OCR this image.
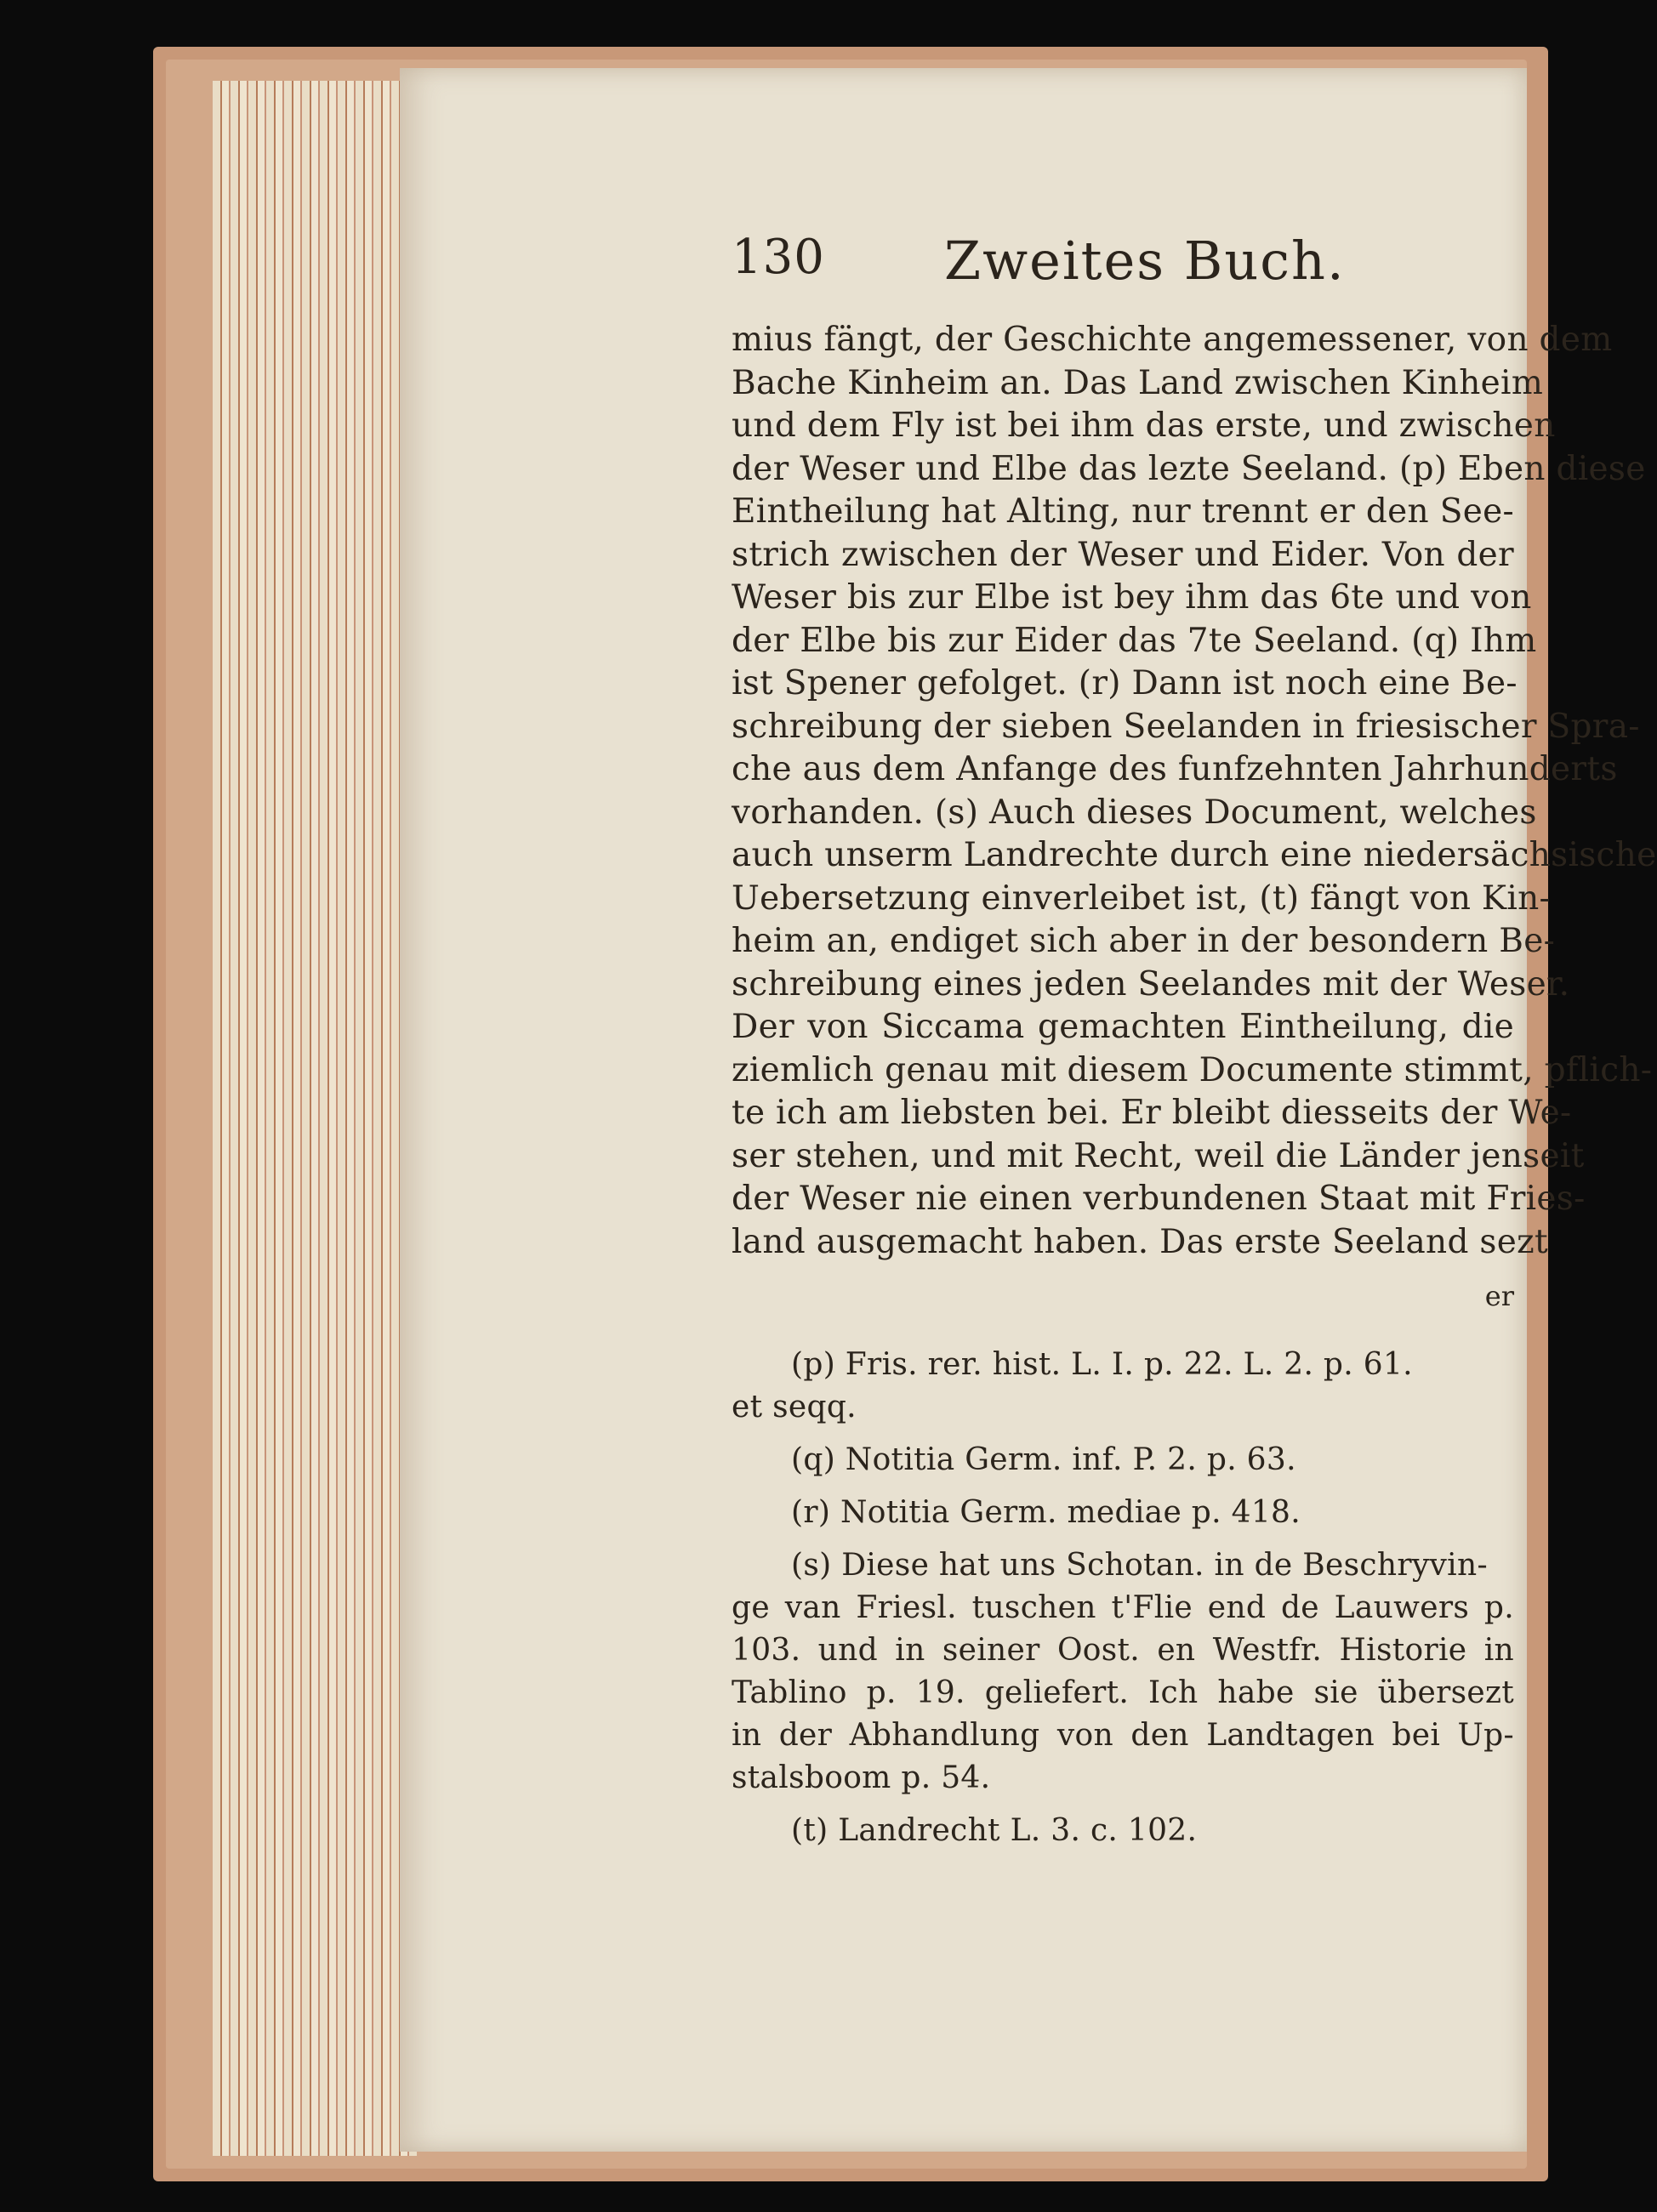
130 Zweites Buch.
mius fängt, der Geschichte angemessener, von dem
Bache Kinheim an. Das Land zwischen Kinheim
und dem Fly ist bei ihm das erste, und zwischen
der Weser und Elbe das lezte Seeland. (p) Eben diese
Eintheilung hat Alting, nur trennt er den See-
strich zwischen der Weser und Eider. Von der
Weser bis zur Elbe ist bey ihm das 6te und von
der Elbe bis zur Eider das 7te Seeland. (q) Ihm
ist Spener gefolget. (r) Dann ist noch eine Be-
schreibung der sieben Seelanden in friesischer Spra-
che aus dem Anfange des funfzehnten Jahrhunderts
vorhanden. (s) Auch dieses Document, welches
auch unserm Landrechte durch eine niedersächsische
Uebersetzung einverleibet ist, (t) fängt von Kin-
heim an, endiget sich aber in der besondern Be-
schreibung eines jeden Seelandes mit der Weser.
Der von Siccama gemachten Eintheilung, die
ziemlich genau mit diesem Documente stimmt, pflich-
te ich am liebsten bei. Er bleibt diesseits der We-
ser stehen, und mit Recht, weil die Länder jenseit
der Weser nie einen verbundenen Staat mit Fries-
land ausgemacht haben. Das erste Seeland sezt
er
(p) Fris. rer. hist. L. I. p. 22. L. 2. p. 61.
et seqq.
(q) Notitia Germ. inf. P. 2. p. 63.
(r) Notitia Germ. mediae p. 418.
(s) Diese hat uns Schotan. in de Beschryvin-
ge van Friesl. tuschen t'Flie end de Lauwers p.
103. und in seiner Oost. en Westfr. Historie in
Tablino p. 19. geliefert. Ich habe sie übersezt
in der Abhandlung von den Landtagen bei Up-
stalsboom p. 54.
(t) Landrecht L. 3. c. 102.
